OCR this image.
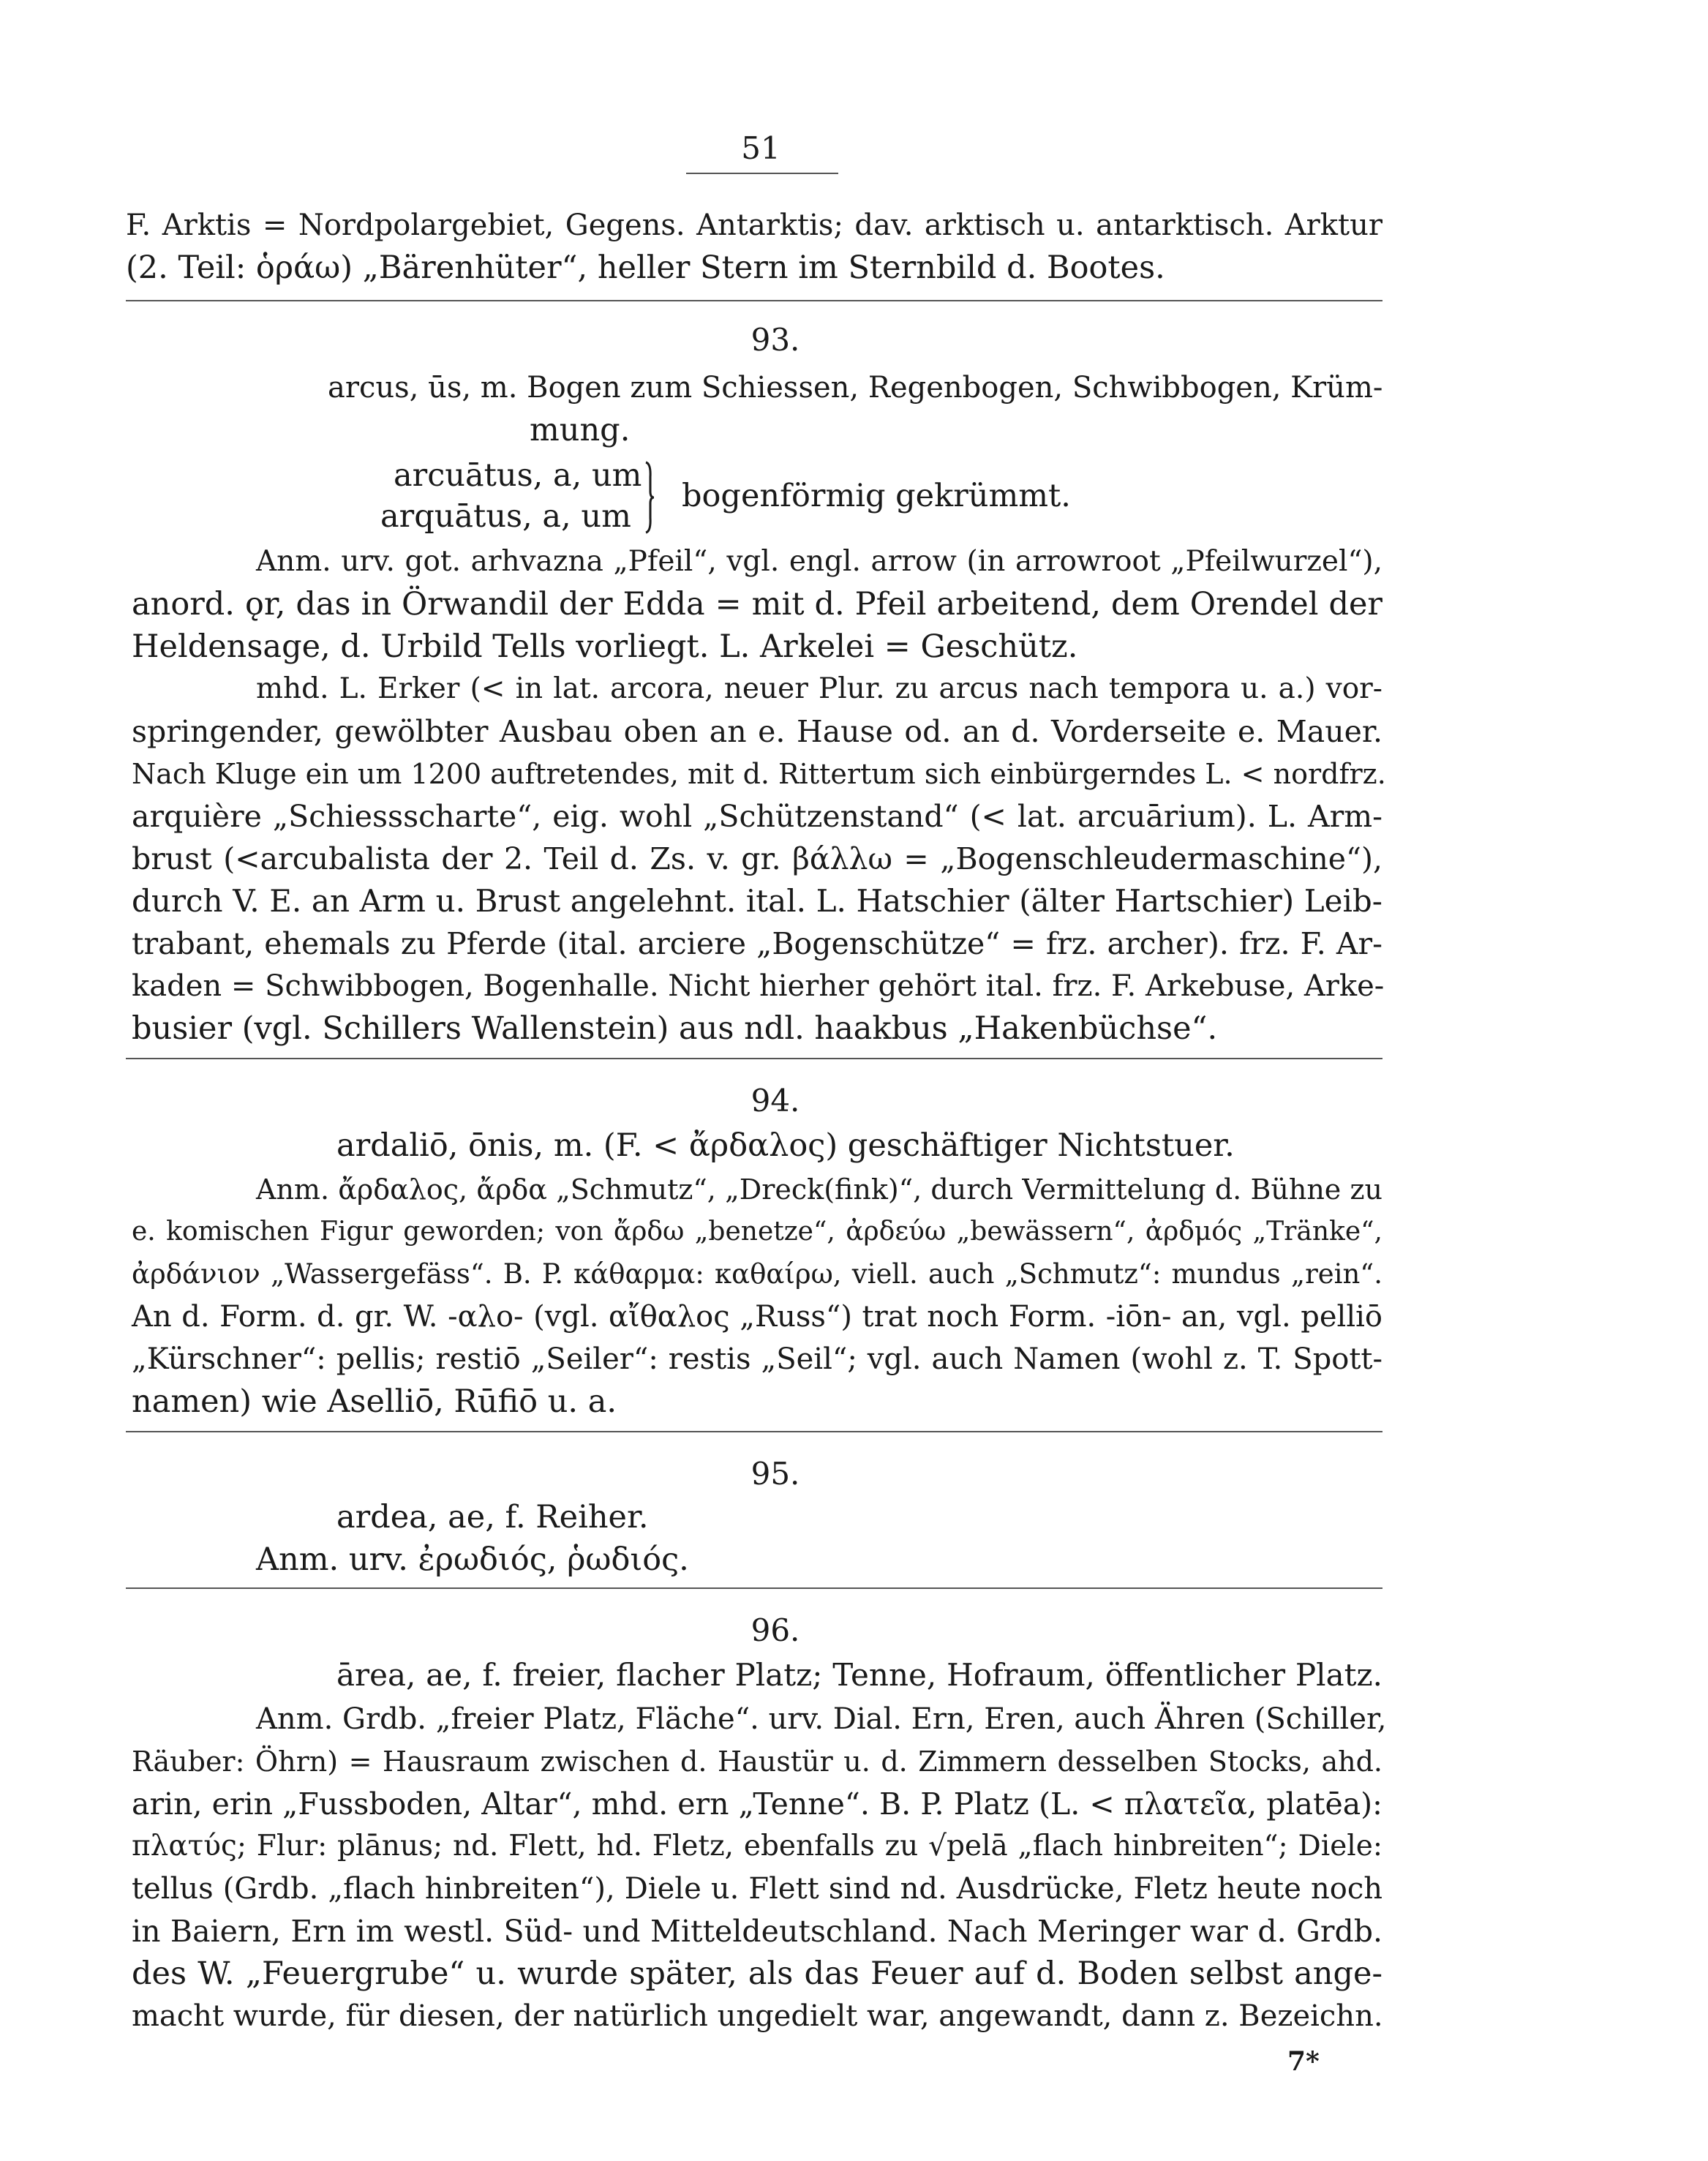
51
F. Arktis = Nordpolargebiet, Gegens. Antarktis; dav. arktisch u. antarktisch. Arktur
(2. Teil: ὁράω) „Bärenhüter“, heller Stern im Sternbild d. Bootes.
93.
arcus, ūs, m. Bogen zum Schiessen, Regenbogen, Schwibbogen, Krüm-
mung.
arcuātus, a, um
arquātus, a, um
bogenförmig gekrümmt.
Anm. urv. got. arhvazna „Pfeil“, vgl. engl. arrow (in arrowroot „Pfeilwurzel“),
anord. ǫr, das in Örwandil der Edda = mit d. Pfeil arbeitend, dem Orendel der
Heldensage, d. Urbild Tells vorliegt. L. Arkelei = Geschütz.
mhd. L. Erker (< in lat. arcora, neuer Plur. zu arcus nach tempora u. a.) vor-
springender, gewölbter Ausbau oben an e. Hause od. an d. Vorderseite e. Mauer.
Nach Kluge ein um 1200 auftretendes, mit d. Rittertum sich einbürgerndes L. < nordfrz.
arquière „Schiessscharte“, eig. wohl „Schützenstand“ (< lat. arcuārium). L. Arm-
brust (<arcubalista der 2. Teil d. Zs. v. gr. βάλλω = „Bogenschleudermaschine“),
durch V. E. an Arm u. Brust angelehnt. ital. L. Hatschier (älter Hartschier) Leib-
trabant, ehemals zu Pferde (ital. arciere „Bogenschütze“ = frz. archer). frz. F. Ar-
kaden = Schwibbogen, Bogenhalle. Nicht hierher gehört ital. frz. F. Arkebuse, Arke-
busier (vgl. Schillers Wallenstein) aus ndl. haakbus „Hakenbüchse“.
94.
ardaliō, ōnis, m. (F. < ἄρδαλος) geschäftiger Nichtstuer.
Anm. ἄρδαλος, ἄρδα „Schmutz“, „Dreck(fink)“, durch Vermittelung d. Bühne zu
e. komischen Figur geworden; von ἄρδω „benetze“, ἀρδεύω „bewässern“, ἀρδμός „Tränke“,
ἀρδάνιον „Wassergefäss“. B. P. κάθαρμα: καθαίρω, viell. auch „Schmutz“: mundus „rein“.
An d. Form. d. gr. W. -αλο- (vgl. αἴθαλος „Russ“) trat noch Form. -iōn- an, vgl. pelliō
„Kürschner“: pellis; restiō „Seiler“: restis „Seil“; vgl. auch Namen (wohl z. T. Spott-
namen) wie Aselliō, Rūfiō u. a.
95.
ardea, ae, f. Reiher.
Anm. urv. ἐρωδιός, ῥωδιός.
96.
ārea, ae, f. freier, flacher Platz; Tenne, Hofraum, öffentlicher Platz.
Anm. Grdb. „freier Platz, Fläche“. urv. Dial. Ern, Eren, auch Ähren (Schiller,
Räuber: Öhrn) = Hausraum zwischen d. Haustür u. d. Zimmern desselben Stocks, ahd.
arin, erin „Fussboden, Altar“, mhd. ern „Tenne“. B. P. Platz (L. < πλατεῖα, platēa):
πλατύς; Flur: plānus; nd. Flett, hd. Fletz, ebenfalls zu √pelā „flach hinbreiten“; Diele:
tellus (Grdb. „flach hinbreiten“), Diele u. Flett sind nd. Ausdrücke, Fletz heute noch
in Baiern, Ern im westl. Süd- und Mitteldeutschland. Nach Meringer war d. Grdb.
des W. „Feuergrube“ u. wurde später, als das Feuer auf d. Boden selbst ange-
macht wurde, für diesen, der natürlich ungedielt war, angewandt, dann z. Bezeichn.
7*
